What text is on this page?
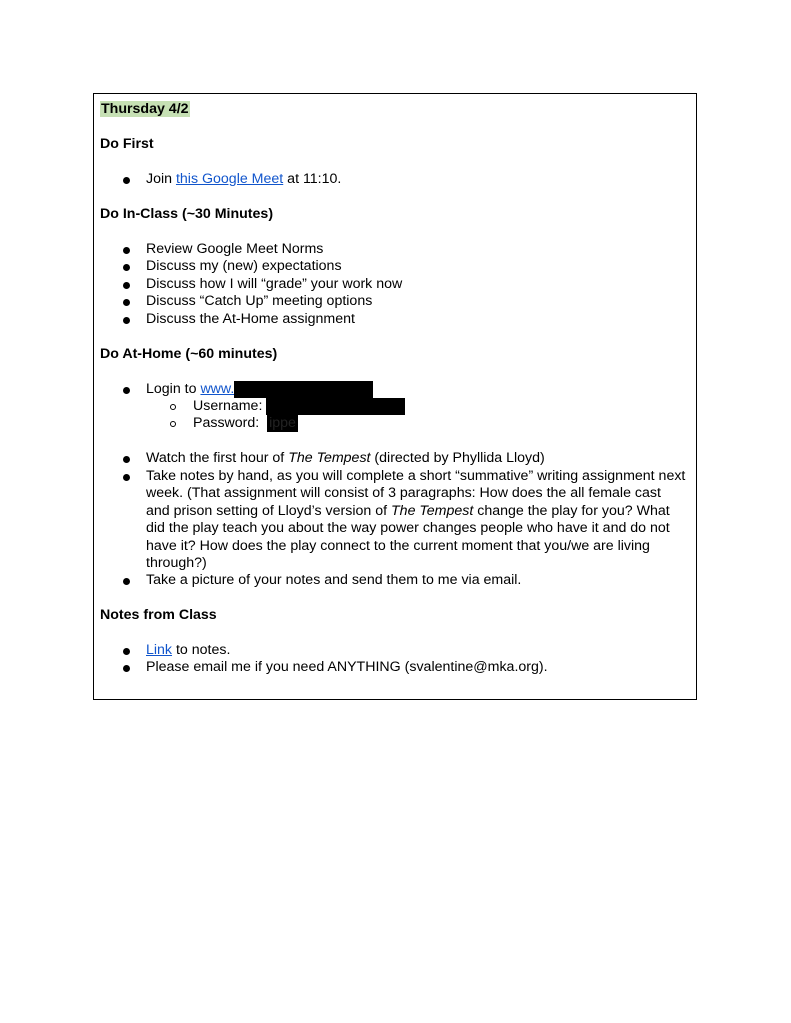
Thursday 4/2
Do First
Join this Google Meet at 11:10.
Do In-Class (~30 Minutes)
Review Google Meet Norms
Discuss my (new) expectations
Discuss how I will “grade” your work now
Discuss “Catch Up” meeting options
Discuss the At-Home assignment
Do At-Home (~60 minutes)
Login to www.
Username:
Password: ippe
Watch the first hour of The Tempest (directed by Phyllida Lloyd)
Take notes by hand, as you will complete a short “summative” writing assignment next
week. (That assignment will consist of 3 paragraphs: How does the all female cast
and prison setting of Lloyd’s version of The Tempest change the play for you? What
did the play teach you about the way power changes people who have it and do not
have it? How does the play connect to the current moment that you/we are living
through?)
Take a picture of your notes and send them to me via email.
Notes from Class
Link to notes.
Please email me if you need ANYTHING (svalentine@mka.org).
